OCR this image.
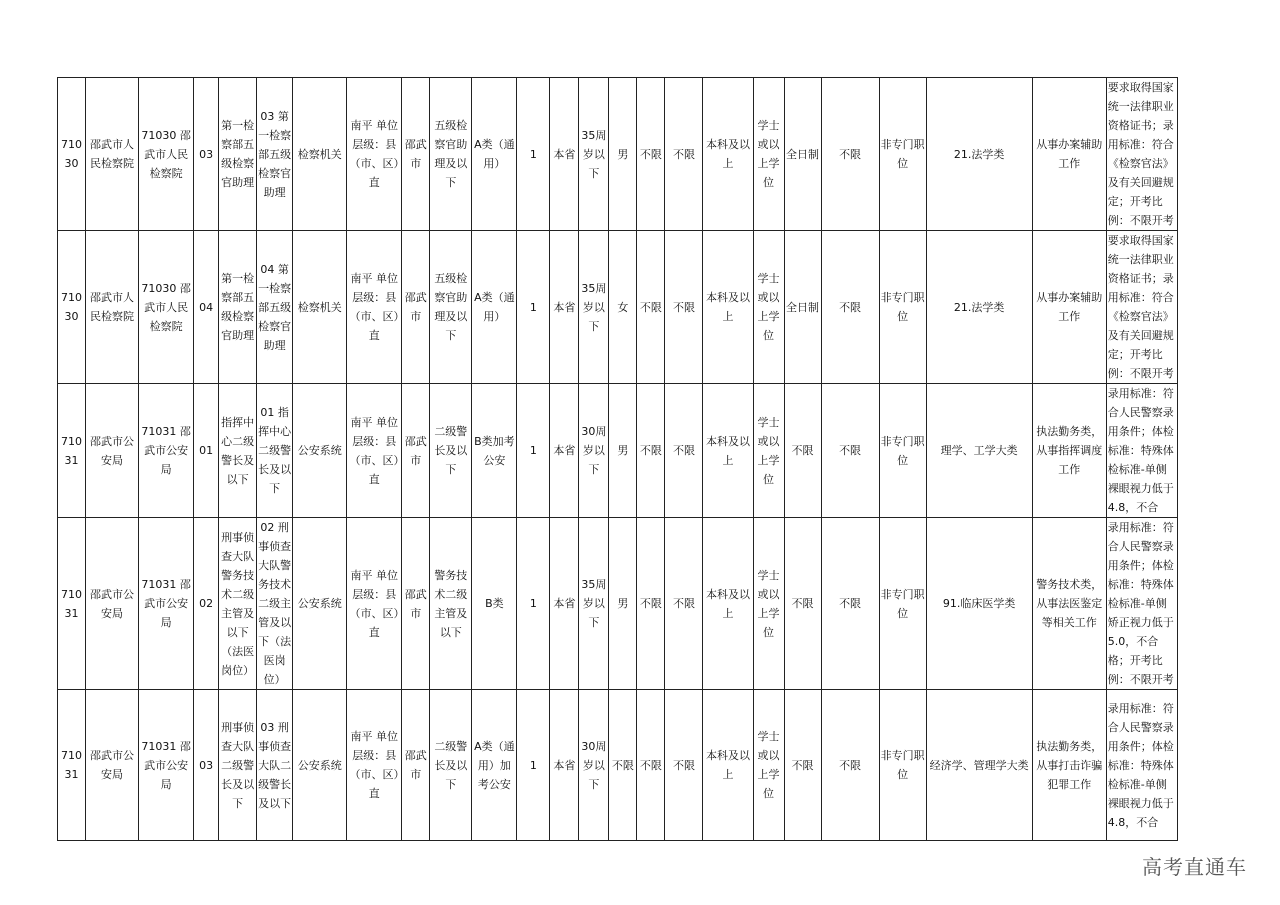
71030	邵武市人民检察院	71030 邵武市人民检察院	03	第一检察部五级检察官助理	03 第一检察部五级检察官助理	检察机关	南平 单位层级：县（市、区）直	邵武市	五级检察官助理及以下	A类（通用）	1	本省	35周岁以下	男	不限	不限	本科及以上	学士或以上学位	全日制	不限	非专门职位	21.法学类	从事办案辅助工作	要求取得国家统一法律职业资格证书；录用标准：符合《检察官法》及有关回避规定；开考比例：不限开考
71030	邵武市人民检察院	71030 邵武市人民检察院	04	第一检察部五级检察官助理	04 第一检察部五级检察官助理	检察机关	南平 单位层级：县（市、区）直	邵武市	五级检察官助理及以下	A类（通用）	1	本省	35周岁以下	女	不限	不限	本科及以上	学士或以上学位	全日制	不限	非专门职位	21.法学类	从事办案辅助工作	要求取得国家统一法律职业资格证书；录用标准：符合《检察官法》及有关回避规定；开考比例：不限开考
71031	邵武市公安局	71031 邵武市公安局	01	指挥中心二级警长及以下	01 指挥中心二级警长及以下	公安系统	南平 单位层级：县（市、区）直	邵武市	二级警长及以下	B类加考公安	1	本省	30周岁以下	男	不限	不限	本科及以上	学士或以上学位	不限	不限	非专门职位	理学、工学大类	执法勤务类，从事指挥调度工作	录用标准：符合人民警察录用条件；体检标准：特殊体检标准-单侧裸眼视力低于4.8，不合
71031	邵武市公安局	71031 邵武市公安局	02	刑事侦查大队警务技术二级主管及以下（法医岗位）	02 刑事侦查大队警务技术二级主管及以下（法医岗位）	公安系统	南平 单位层级：县（市、区）直	邵武市	警务技术二级主管及以下	B类	1	本省	35周岁以下	男	不限	不限	本科及以上	学士或以上学位	不限	不限	非专门职位	91.临床医学类	警务技术类，从事法医鉴定等相关工作	录用标准：符合人民警察录用条件；体检标准：特殊体检标准-单侧矫正视力低于5.0，不合格；开考比例：不限开考
71031	邵武市公安局	71031 邵武市公安局	03	刑事侦查大队二级警长及以下	03 刑事侦查大队二级警长及以下	公安系统	南平 单位层级：县（市、区）直	邵武市	二级警长及以下	A类（通用）加考公安	1	本省	30周岁以下	不限	不限	不限	本科及以上	学士或以上学位	不限	不限	非专门职位	经济学、管理学大类	执法勤务类，从事打击诈骗犯罪工作	录用标准：符合人民警察录用条件；体检标准：特殊体检标准-单侧裸眼视力低于4.8，不合
高考直通车
